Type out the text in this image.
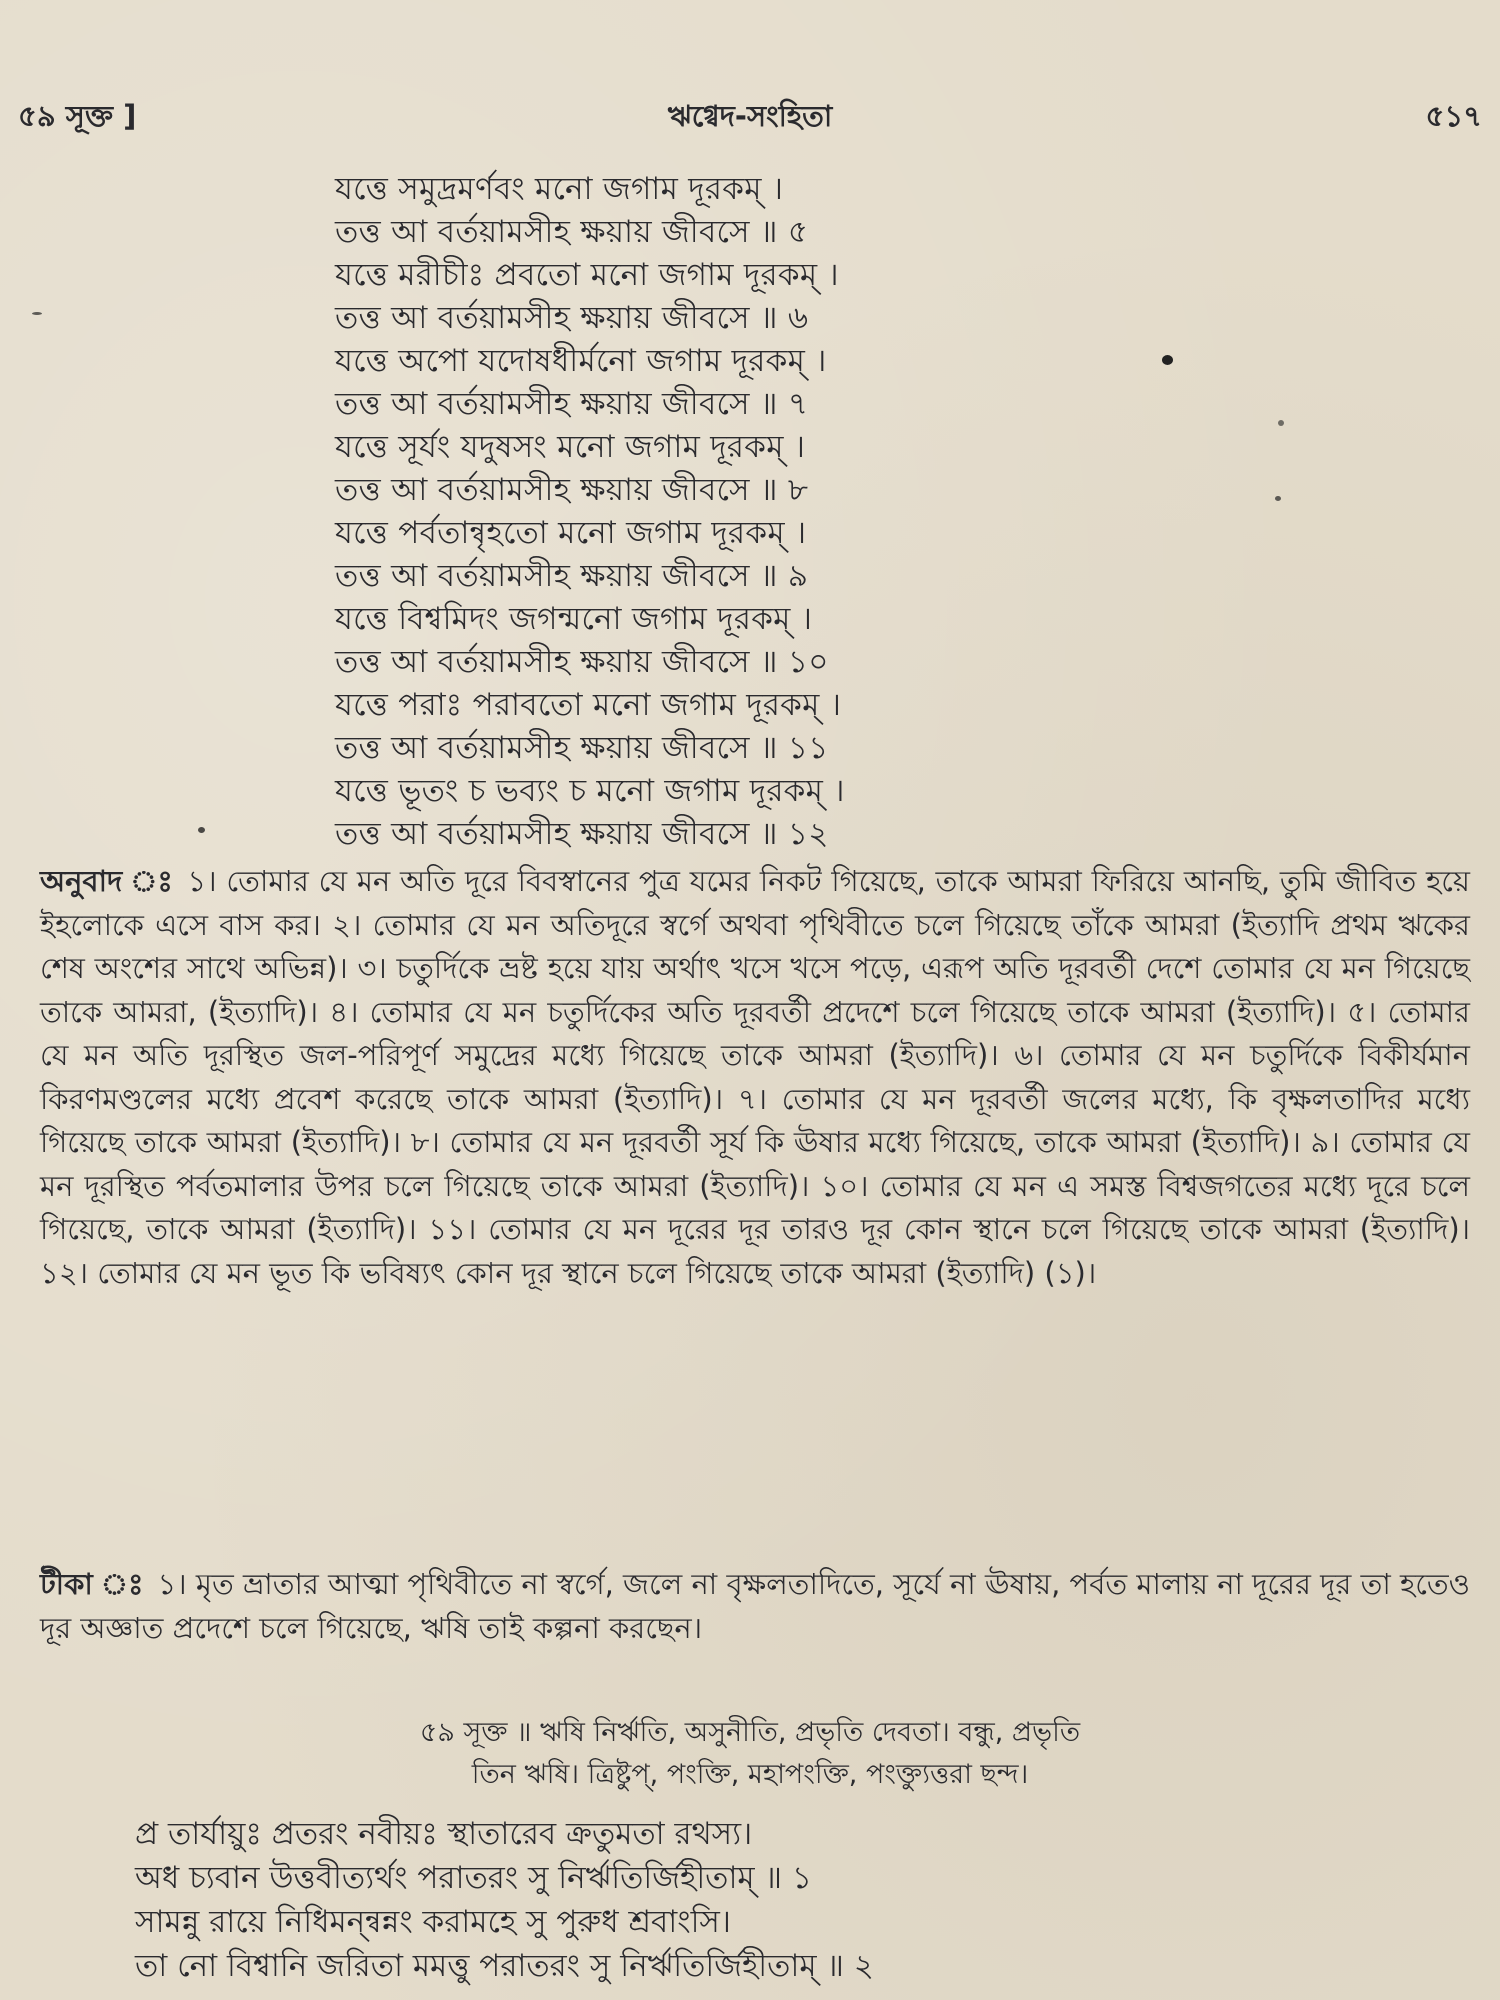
৫৯ সূক্ত ]	ঋগ্বেদ-সংহিতা	৫১৭
যত্তে সমুদ্রমর্ণবং মনো জগাম দূরকম্ ।
তত্ত আ বর্তয়ামসীহ ক্ষয়ায় জীবসে ॥ ৫
যত্তে মরীচীঃ প্রবতো মনো জগাম দূরকম্ ।
তত্ত আ বর্তয়ামসীহ ক্ষয়ায় জীবসে ॥ ৬
যত্তে অপো যদোষধীর্মনো জগাম দূরকম্ ।
তত্ত আ বর্তয়ামসীহ ক্ষয়ায় জীবসে ॥ ৭
যত্তে সূর্যং যদুষসং মনো জগাম দূরকম্ ।
তত্ত আ বর্তয়ামসীহ ক্ষয়ায় জীবসে ॥ ৮
যত্তে পর্বতান্বৃহতো মনো জগাম দূরকম্ ।
তত্ত আ বর্তয়ামসীহ ক্ষয়ায় জীবসে ॥ ৯
যত্তে বিশ্বমিদং জগন্মনো জগাম দূরকম্ ।
তত্ত আ বর্তয়ামসীহ ক্ষয়ায় জীবসে ॥ ১০
যত্তে পরাঃ পরাবতো মনো জগাম দূরকম্ ।
তত্ত আ বর্তয়ামসীহ ক্ষয়ায় জীবসে ॥ ১১
যত্তে ভূতং চ ভব্যং চ মনো জগাম দূরকম্ ।
তত্ত আ বর্তয়ামসীহ ক্ষয়ায় জীবসে ॥ ১২
অনুবাদ ঃ ১। তোমার যে মন অতি দূরে বিবস্বানের পুত্র যমের নিকট গিয়েছে, তাকে আমরা ফিরিয়ে আনছি, তুমি জীবিত হয়ে ইহলোকে এসে বাস কর। ২। তোমার যে মন অতিদূরে স্বর্গে অথবা পৃথিবীতে চলে গিয়েছে তাঁকে আমরা (ইত্যাদি প্রথম ঋকের শেষ অংশের সাথে অভিন্ন)। ৩। চতুর্দিকে ভ্রষ্ট হয়ে যায় অর্থাৎ খসে খসে পড়ে, এরূপ অতি দূরবর্তী দেশে তোমার যে মন গিয়েছে তাকে আমরা, (ইত্যাদি)। ৪। তোমার যে মন চতুর্দিকের অতি দূরবর্তী প্রদেশে চলে গিয়েছে তাকে আমরা (ইত্যাদি)। ৫। তোমার যে মন অতি দূরস্থিত জল-পরিপূর্ণ সমুদ্রের মধ্যে গিয়েছে তাকে আমরা (ইত্যাদি)। ৬। তোমার যে মন চতুর্দিকে বিকীর্যমান কিরণমণ্ডলের মধ্যে প্রবেশ করেছে তাকে আমরা (ইত্যাদি)। ৭। তোমার যে মন দূরবর্তী জলের মধ্যে, কি বৃক্ষলতাদির মধ্যে গিয়েছে তাকে আমরা (ইত্যাদি)। ৮। তোমার যে মন দূরবর্তী সূর্য কি ঊষার মধ্যে গিয়েছে, তাকে আমরা (ইত্যাদি)। ৯। তোমার যে মন দূরস্থিত পর্বতমালার উপর চলে গিয়েছে তাকে আমরা (ইত্যাদি)। ১০। তোমার যে মন এ সমস্ত বিশ্বজগতের মধ্যে দূরে চলে গিয়েছে, তাকে আমরা (ইত্যাদি)। ১১। তোমার যে মন দূরের দূর তারও দূর কোন স্থানে চলে গিয়েছে তাকে আমরা (ইত্যাদি)। ১২। তোমার যে মন ভূত কি ভবিষ্যৎ কোন দূর স্থানে চলে গিয়েছে তাকে আমরা (ইত্যাদি) (১)।
টীকা ঃ ১। মৃত ভ্রাতার আত্মা পৃথিবীতে না স্বর্গে, জলে না বৃক্ষলতাদিতে, সূর্যে না ঊষায়, পর্বত মালায় না দূরের দূর তা হতেও দূর অজ্ঞাত প্রদেশে চলে গিয়েছে, ঋষি তাই কল্পনা করছেন।
৫৯ সূক্ত ॥ ঋষি নির্ঋতি, অসুনীতি, প্রভৃতি দেবতা। বন্ধু, প্রভৃতি
তিন ঋষি। ত্রিষ্টুপ্, পংক্তি, মহাপংক্তি, পংক্ত্যুত্তরা ছন্দ।
প্র তার্যায়ুঃ প্রতরং নবীয়ঃ স্থাতারেব ক্রতুমতা রথস্য।
অধ চ্যবান উত্তবীত্যর্থং পরাতরং সু নির্ঋতির্জিহীতাম্ ॥ ১
সামন্নু রায়ে নিধিমন্ন্বন্নং করামহে সু পুরুধ শ্রবাংসি।
তা নো বিশ্বানি জরিতা মমত্তু পরাতরং সু নির্ঋতির্জিহীতাম্ ॥ ২
